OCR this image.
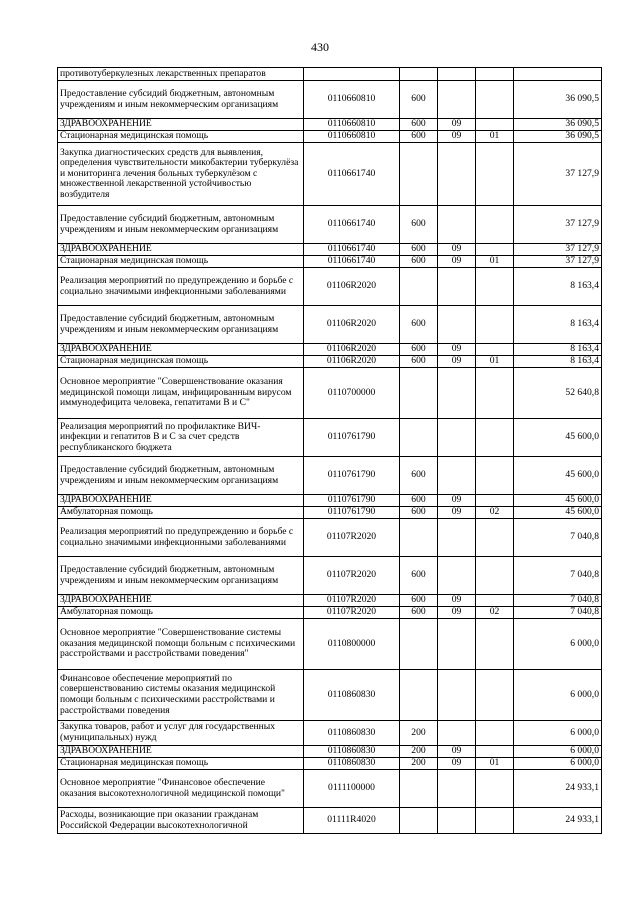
430
противотуберкулезных лекарственных препаратов					
Предоставление субсидий бюджетным, автономным учреждениям и иным некоммерческим организациям	0110660810	600			36 090,5
ЗДРАВООХРАНЕНИЕ	0110660810	600	09		36 090,5
Стационарная медицинская помощь	0110660810	600	09	01	36 090,5
Закупка диагностических средств для выявления, определения чувствительности микобактерии туберкулёза и мониторинга лечения больных туберкулёзом с множественной лекарственной устойчивостью возбудителя	0110661740				37 127,9
Предоставление субсидий бюджетным, автономным учреждениям и иным некоммерческим организациям	0110661740	600			37 127,9
ЗДРАВООХРАНЕНИЕ	0110661740	600	09		37 127,9
Стационарная медицинская помощь	0110661740	600	09	01	37 127,9
Реализация мероприятий по предупреждению и борьбе с социально значимыми инфекционными заболеваниями	01106R2020				8 163,4
Предоставление субсидий бюджетным, автономным учреждениям и иным некоммерческим организациям	01106R2020	600			8 163,4
ЗДРАВООХРАНЕНИЕ	01106R2020	600	09		8 163,4
Стационарная медицинская помощь	01106R2020	600	09	01	8 163,4
Основное мероприятие "Совершенствование оказания медицинской помощи лицам, инфицированным вирусом иммунодефицита человека, гепатитами В и С"	0110700000				52 640,8
Реализация мероприятий по профилактике ВИЧ-инфекции и гепатитов В и С за счет средств республиканского бюджета	0110761790				45 600,0
Предоставление субсидий бюджетным, автономным учреждениям и иным некоммерческим организациям	0110761790	600			45 600,0
ЗДРАВООХРАНЕНИЕ	0110761790	600	09		45 600,0
Амбулаторная помощь	0110761790	600	09	02	45 600,0
Реализация мероприятий по предупреждению и борьбе с социально значимыми инфекционными заболеваниями	01107R2020				7 040,8
Предоставление субсидий бюджетным, автономным учреждениям и иным некоммерческим организациям	01107R2020	600			7 040,8
ЗДРАВООХРАНЕНИЕ	01107R2020	600	09		7 040,8
Амбулаторная помощь	01107R2020	600	09	02	7 040,8
Основное мероприятие "Совершенствование системы оказания медицинской помощи больным с психическими расстройствами и расстройствами поведения"	0110800000				6 000,0
Финансовое обеспечение мероприятий по совершенствованию системы оказания медицинской помощи больным с психическими расстройствами и расстройствами поведения	0110860830				6 000,0
Закупка товаров, работ и услуг для государственных (муниципальных) нужд	0110860830	200			6 000,0
ЗДРАВООХРАНЕНИЕ	0110860830	200	09		6 000,0
Стационарная медицинская помощь	0110860830	200	09	01	6 000,0
Основное мероприятие "Финансовое обеспечение оказания высокотехнологичной медицинской помощи"	0111100000				24 933,1
Расходы, возникающие при оказании гражданам Российской Федерации высокотехнологичной	01111R4020				24 933,1
